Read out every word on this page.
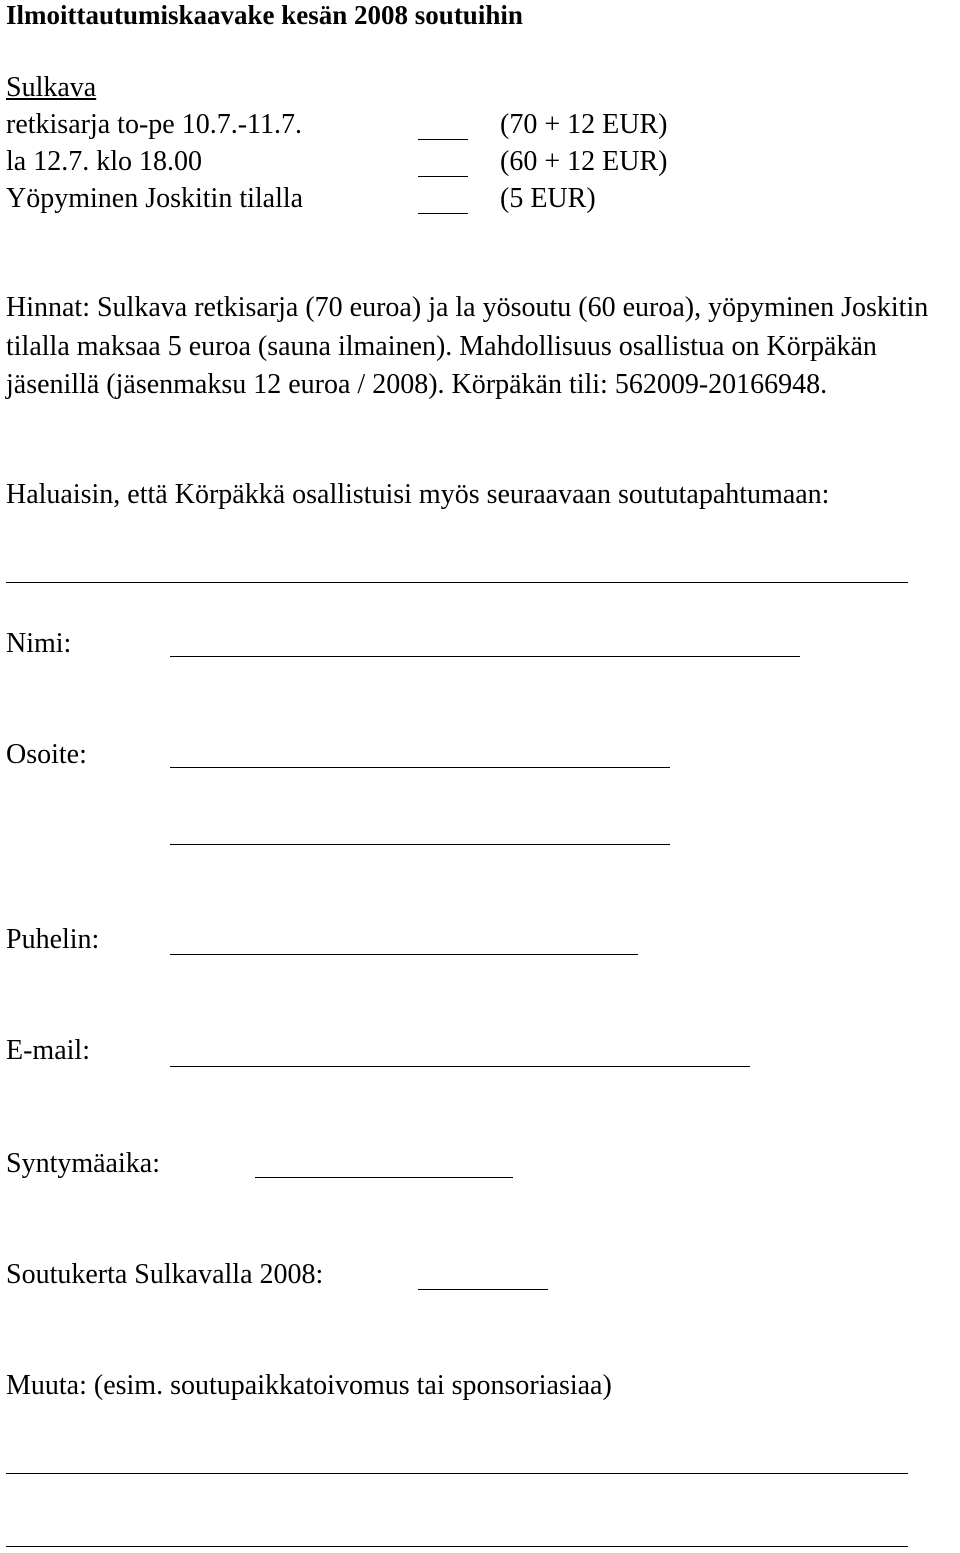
Ilmoittautumiskaavake kesän 2008 soutuihin
Sulkava
retkisarja to-pe 10.7.-11.7.	(70 + 12 EUR)
la 12.7. klo 18.00	(60 + 12 EUR)
Yöpyminen Joskitin tilalla	(5 EUR)
Hinnat: Sulkava retkisarja (70 euroa) ja la yösoutu (60 euroa), yöpyminen Joskitin tilalla maksaa 5 euroa (sauna ilmainen). Mahdollisuus osallistua on Körpäkän jäsenillä (jäsenmaksu 12 euroa / 2008). Körpäkän tili: 562009-20166948.
Haluaisin, että Körpäkkä osallistuisi myös seuraavaan soututapahtumaan:
Nimi:
Osoite:
Puhelin:
E-mail:
Syntymäaika:
Soutukerta Sulkavalla 2008:
Muuta: (esim. soutupaikkatoivomus tai sponsoriasiaa)
